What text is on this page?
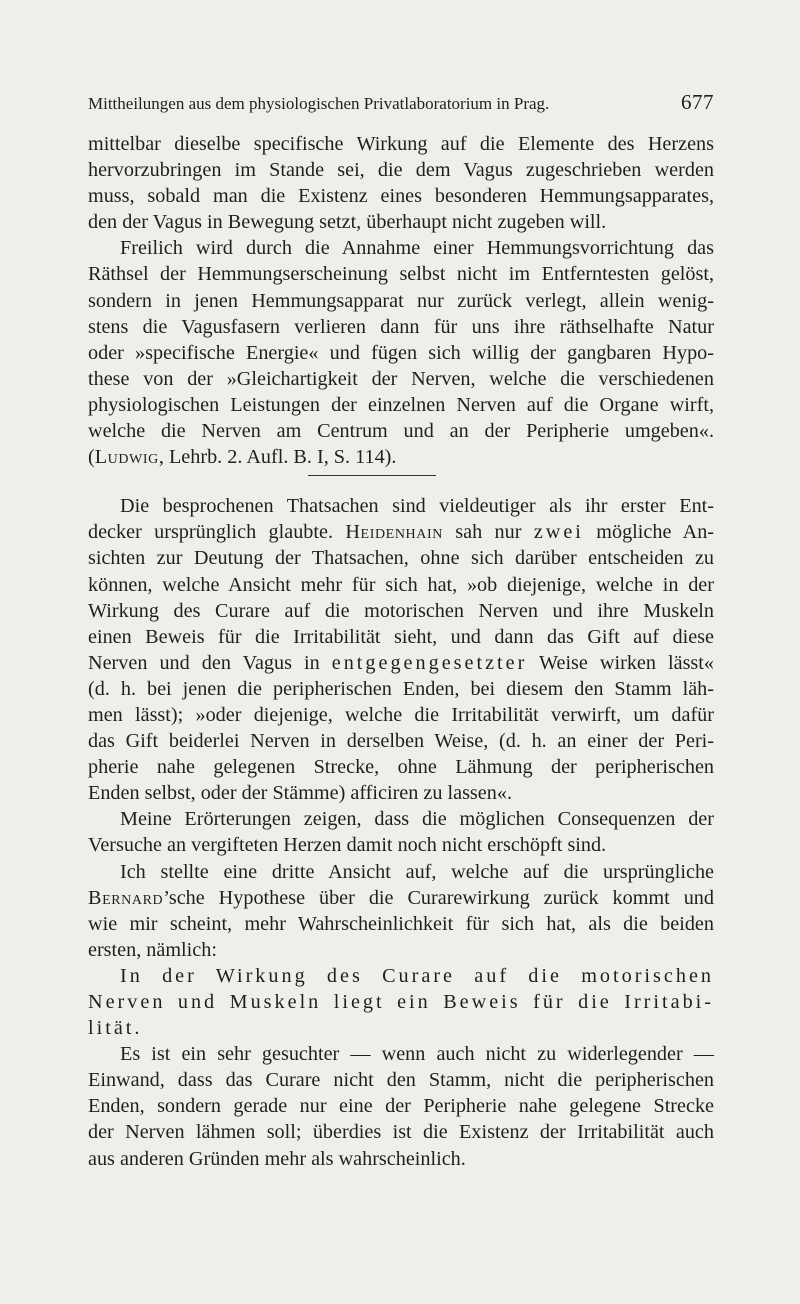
Mittheilungen aus dem physiologischen Privatlaboratorium in Prag.	677
mittelbar dieselbe specifische Wirkung auf die Elemente des Herzens
hervorzubringen im Stande sei, die dem Vagus zugeschrieben werden
muss, sobald man die Existenz eines besonderen Hemmungsapparates,
den der Vagus in Bewegung setzt, überhaupt nicht zugeben will.
Freilich wird durch die Annahme einer Hemmungsvorrichtung das
Räthsel der Hemmungserscheinung selbst nicht im Entferntesten gelöst,
sondern in jenen Hemmungsapparat nur zurück verlegt, allein wenig-
stens die Vagusfasern verlieren dann für uns ihre räthselhafte Natur
oder »specifische Energie« und fügen sich willig der gangbaren Hypo-
these von der »Gleichartigkeit der Nerven, welche die verschiedenen
physiologischen Leistungen der einzelnen Nerven auf die Organe wirft,
welche die Nerven am Centrum und an der Peripherie umgeben«.
(Ludwig, Lehrb. 2. Aufl. B. I, S. 114).
Die besprochenen Thatsachen sind vieldeutiger als ihr erster Ent-
decker ursprünglich glaubte. Heidenhain sah nur zwei mögliche An-
sichten zur Deutung der Thatsachen, ohne sich darüber entscheiden zu
können, welche Ansicht mehr für sich hat, »ob diejenige, welche in der
Wirkung des Curare auf die motorischen Nerven und ihre Muskeln
einen Beweis für die Irritabilität sieht, und dann das Gift auf diese
Nerven und den Vagus in entgegengesetzter Weise wirken lässt«
(d. h. bei jenen die peripherischen Enden, bei diesem den Stamm läh-
men lässt); »oder diejenige, welche die Irritabilität verwirft, um dafür
das Gift beiderlei Nerven in derselben Weise, (d. h. an einer der Peri-
pherie nahe gelegenen Strecke, ohne Lähmung der peripherischen
Enden selbst, oder der Stämme) afficiren zu lassen«.
Meine Erörterungen zeigen, dass die möglichen Consequenzen der
Versuche an vergifteten Herzen damit noch nicht erschöpft sind.
Ich stellte eine dritte Ansicht auf, welche auf die ursprüngliche
Bernard’sche Hypothese über die Curarewirkung zurück kommt und
wie mir scheint, mehr Wahrscheinlichkeit für sich hat, als die beiden
ersten, nämlich:
In der Wirkung des Curare auf die motorischen
Nerven und Muskeln liegt ein Beweis für die Irritabi-
lität.
Es ist ein sehr gesuchter — wenn auch nicht zu widerlegender —
Einwand, dass das Curare nicht den Stamm, nicht die peripherischen
Enden, sondern gerade nur eine der Peripherie nahe gelegene Strecke
der Nerven lähmen soll; überdies ist die Existenz der Irritabilität auch
aus anderen Gründen mehr als wahrscheinlich.
